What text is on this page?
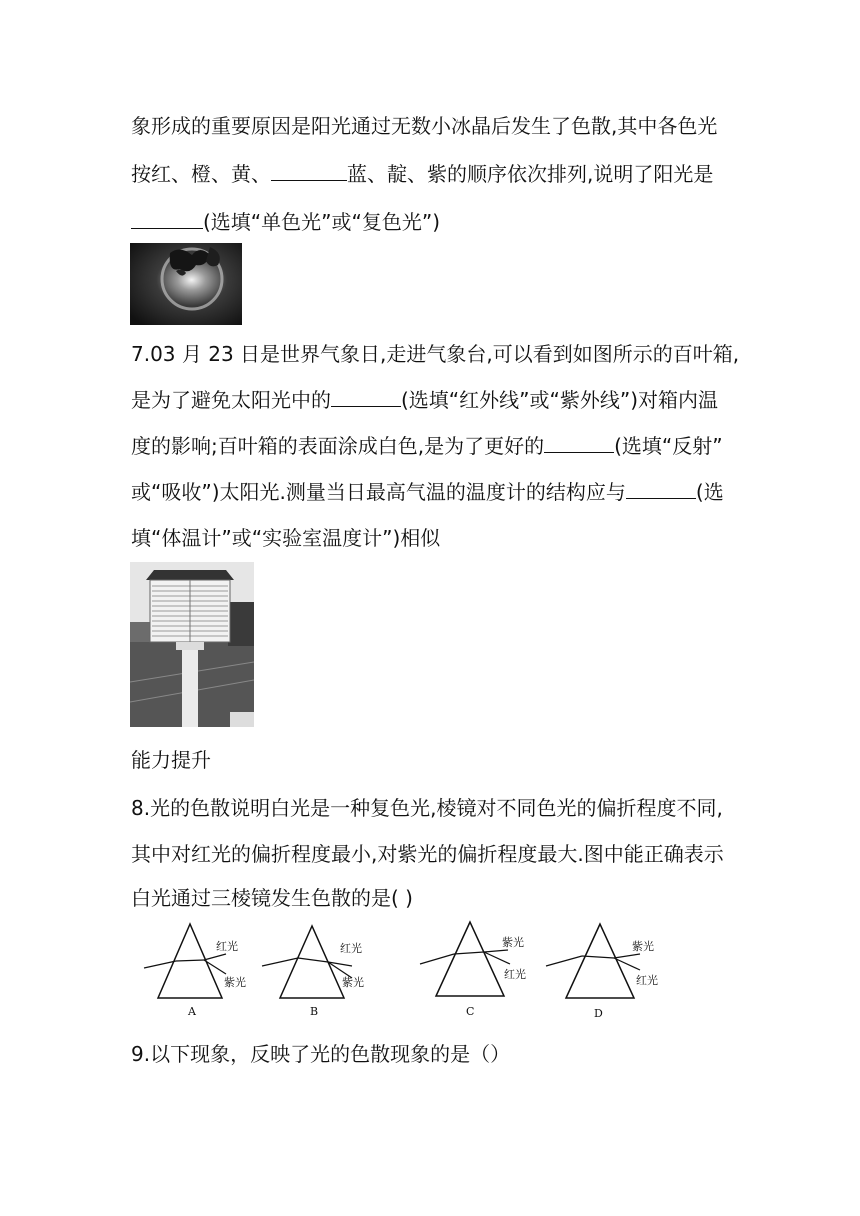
象形成的重要原因是阳光通过无数小冰晶后发生了色散,其中各色光
按红、橙、黄、	蓝、靛、紫的顺序依次排列,说明了阳光是
(选填“单色光”或“复色光”)
7.03 月 23 日是世界气象日,走进气象台,可以看到如图所示的百叶箱,
是为了避免太阳光中的	(选填“红外线”或“紫外线”)对箱内温
度的影响;百叶箱的表面涂成白色,是为了更好的	(选填“反射”
或“吸收”)太阳光.测量当日最高气温的温度计的结构应与	(选
填“体温计”或“实验室温度计”)相似
能力提升
8.光的色散说明白光是一种复色光,棱镜对不同色光的偏折程度不同,
其中对红光的偏折程度最小,对紫光的偏折程度最大.图中能正确表示
白光通过三棱镜发生色散的是( )
红光
紫光
A
红光
紫光
B
紫光
红光
C
紫光
红光
D
9.以下现象，反映了光的色散现象的是（）
